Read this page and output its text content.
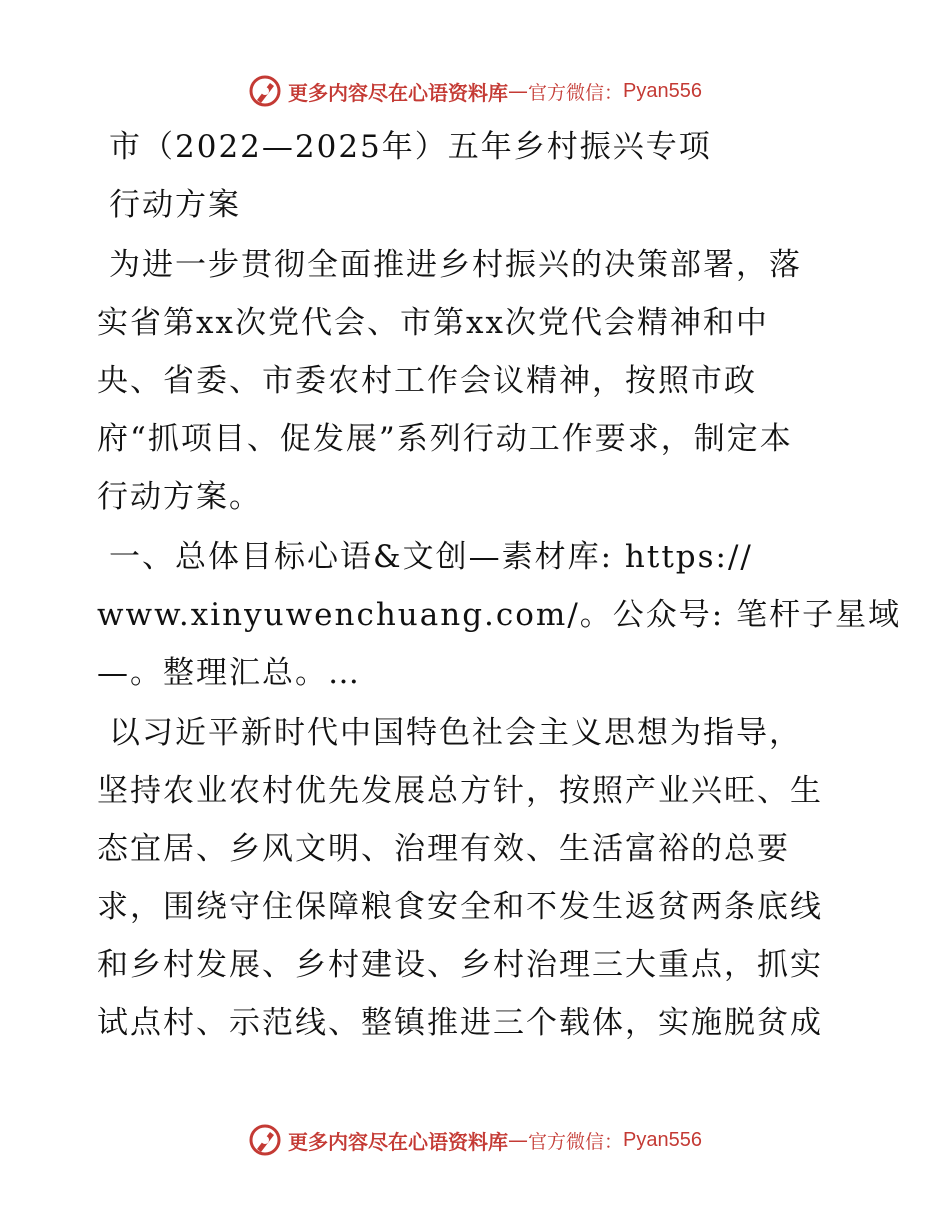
更多内容尽在心语资料库 — 官方微信： Pyan556
市（2022—2025年）五年乡村振兴专项
行动方案
为进一步贯彻全面推进乡村振兴的决策部署，落
实省第xx次党代会、市第xx次党代会精神和中
央、省委、市委农村工作会议精神，按照市政
府“抓项目、促发展”系列行动工作要求，制定本
行动方案。
一、总体目标心语&文创—素材库: https://
www.xinyuwenchuang.com/。公众号: 笔杆子星域
—。整理汇总。…
以习近平新时代中国特色社会主义思想为指导，
坚持农业农村优先发展总方针，按照产业兴旺、生
态宜居、乡风文明、治理有效、生活富裕的总要
求，围绕守住保障粮食安全和不发生返贫两条底线
和乡村发展、乡村建设、乡村治理三大重点，抓实
试点村、示范线、整镇推进三个载体，实施脱贫成
更多内容尽在心语资料库 — 官方微信： Pyan556
